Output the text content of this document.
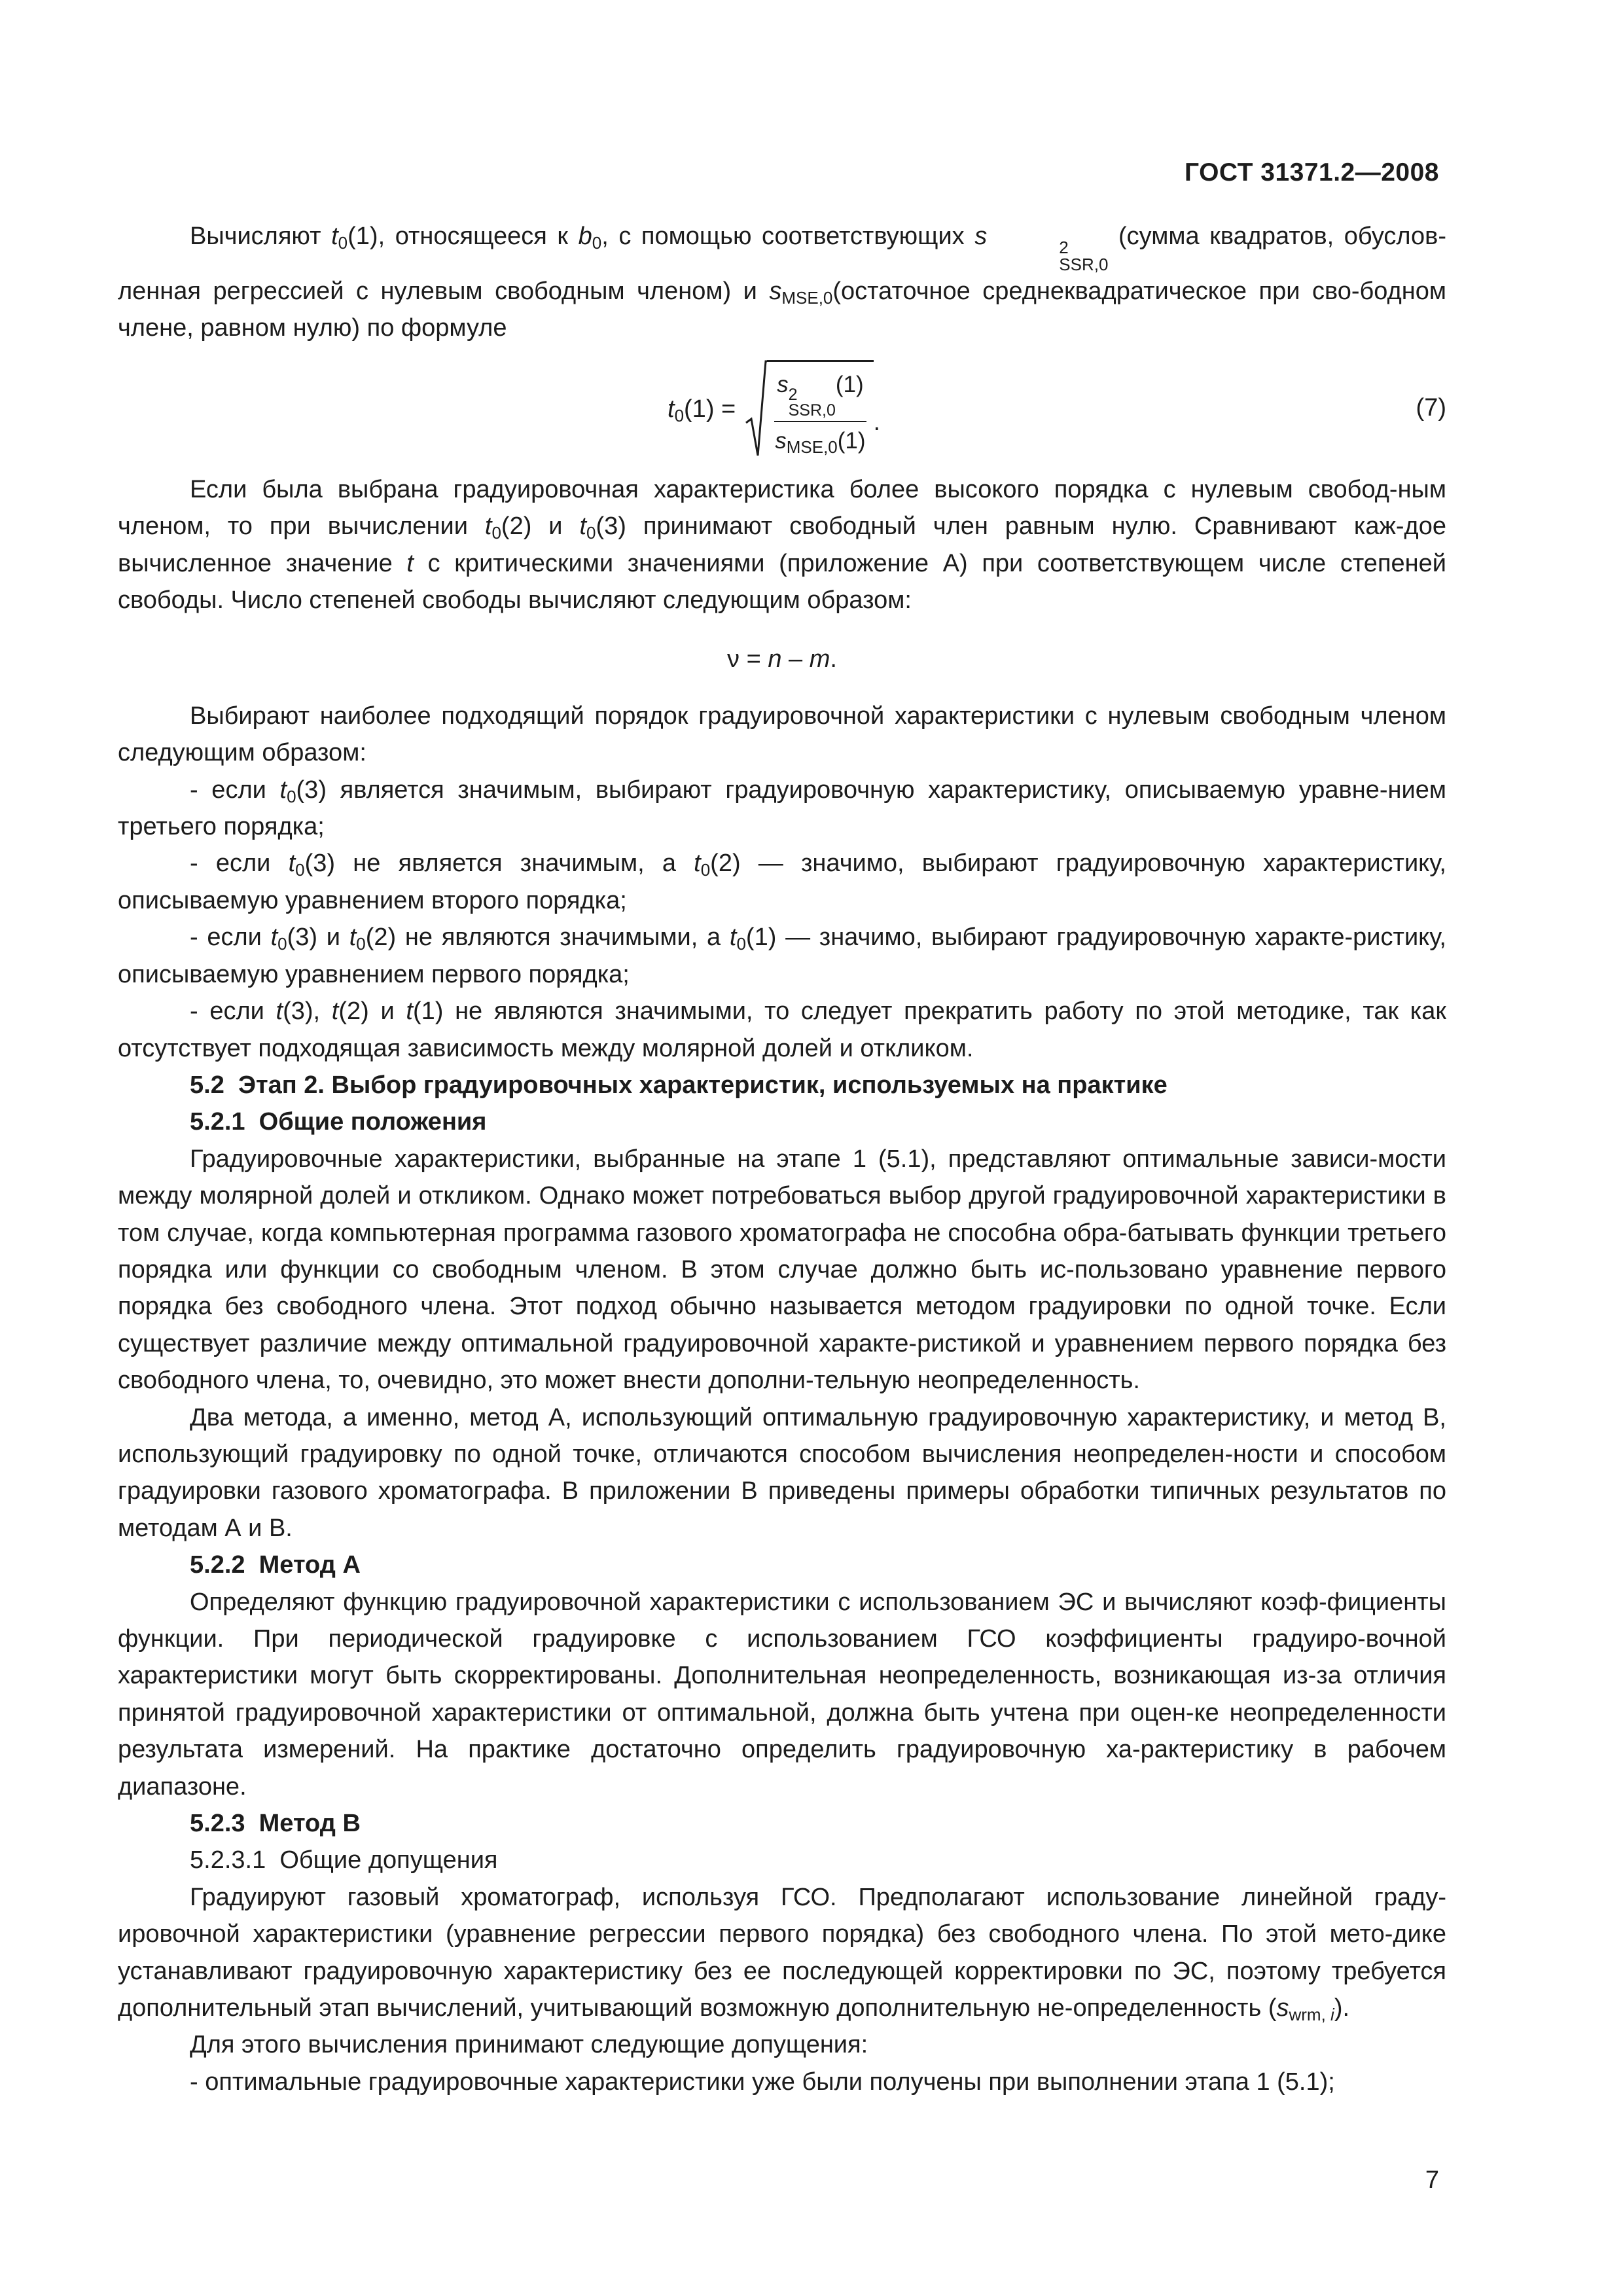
ГОСТ 31371.2—2008

Вычисляют $t_0(1)$, относящееся к $b_0$, с помощью соответствующих s	2
SSR,0
(сумма квадратов, обуслов-ленная регрессией с нулевым свободным членом) и $s_{MSE,0}(остаточное$ среднеквадратическое при сво-бодном члене, равном нулю) по формуле

$t_0(1) = s$ 2
SSR,0
(1)
$s_{MSE,0}(1)$ .
(7)

Если была выбрана градуировочная характеристика более высокого порядка с нулевым свобод-ным членом, то при вычислении $t_0(2)$ и $t_0(3)$ принимают свободный член равным нулю. Сравнивают каж-дое вычисленное значение t с критическими значениями (приложение А) при соответствующем числе степеней свободы. Число степеней свободы вычисляют следующим образом:

ν = n – m.

Выбирают наиболее подходящий порядок градуировочной характеристики с нулевым свободным членом следующим образом:

- если $t_0(3)$ является значимым, выбирают градуировочную характеристику, описываемую уравне-нием третьего порядка;

- если $t_0(3)$ не является значимым, а $t_0(2)$ — значимо, выбирают градуировочную характеристику, описываемую уравнением второго порядка;

- если $t_0(3)$ и $t_0(2)$ не являются значимыми, а $t_0(1)$ — значимо, выбирают градуировочную характе-ристику, описываемую уравнением первого порядка;

- если t(3), t(2) и t(1) не являются значимыми, то следует прекратить работу по этой методике, так как отсутствует подходящая зависимость между молярной долей и откликом.

5.2 Этап 2. Выбор градуировочных характеристик, используемых на практике
5.2.1 Общие положения

Градуировочные характеристики, выбранные на этапе 1 (5.1), представляют оптимальные зависи-мости между молярной долей и откликом. Однако может потребоваться выбор другой градуировочной характеристики в том случае, когда компьютерная программа газового хроматографа не способна обра-батывать функции третьего порядка или функции со свободным членом. В этом случае должно быть ис-пользовано уравнение первого порядка без свободного члена. Этот подход обычно называется методом градуировки по одной точке. Если существует различие между оптимальной градуировочной характе-ристикой и уравнением первого порядка без свободного члена, то, очевидно, это может внести дополни-тельную неопределенность.

Два метода, а именно, метод А, использующий оптимальную градуировочную характеристику, и метод В, использующий градуировку по одной точке, отличаются способом вычисления неопределен-ности и способом градуировки газового хроматографа. В приложении В приведены примеры обработки типичных результатов по методам А и В.

5.2.2 Метод А

Определяют функцию градуировочной характеристики с использованием ЭС и вычисляют коэф-фициенты функции. При периодической градуировке с использованием ГСО коэффициенты градуиро-вочной характеристики могут быть скорректированы. Дополнительная неопределенность, возникающая из-за отличия принятой градуировочной характеристики от оптимальной, должна быть учтена при оцен-ке неопределенности результата измерений. На практике достаточно определить градуировочную ха-рактеристику в рабочем диапазоне.

5.2.3 Метод В
5.2.3.1 Общие допущения

Градуируют газовый хроматограф, используя ГСО. Предполагают использование линейной граду-ировочной характеристики (уравнение регрессии первого порядка) без свободного члена. По этой мето-дике устанавливают градуировочную характеристику без ее последующей корректировки по ЭС, поэтому требуется дополнительный этап вычислений, учитывающий возможную дополнительную не-определенность $(s_{wrm, i})$.

Для этого вычисления принимают следующие допущения:

- оптимальные градуировочные характеристики уже были получены при выполнении этапа 1 (5.1);

7
